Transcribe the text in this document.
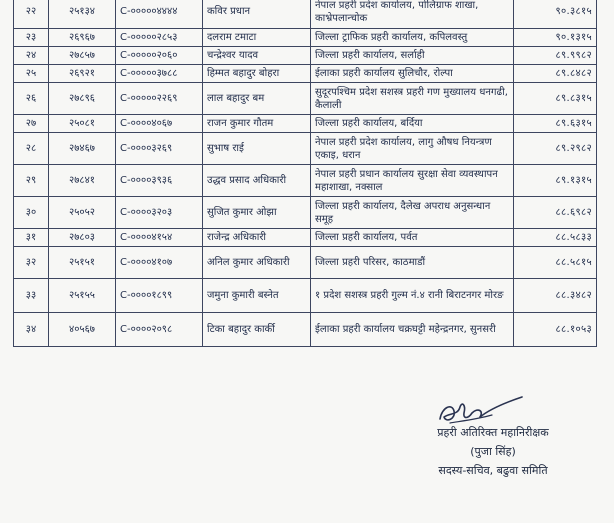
२२	२५१३४	C-०००००४४४४	कविर प्रधान	नेपाल प्रहरी प्रदेश कार्यालय, पोलिग्राफ शाखा, काभ्रेपलान्चोक	९०.३८१५
२३	२६९६७	C-०००००२८५३	दलराम टमाटा	जिल्ला ट्राफिक प्रहरी कार्यालय, कपिलवस्तु	९०.१३१५
२४	२७८५७	C-०००००२०६०	चन्द्रेश्वर यादव	जिल्ला प्रहरी कार्यालय, सर्लाही	८९.९९८२
२५	२६९२१	C-०००००३७८८	हिम्मत बहादुर बोहरा	ईलाका प्रहरी कार्यालय सुलिचौर, रोल्पा	८९.८४८२
२६	२७८९६	C-०००००२२६९	लाल बहादुर बम	सुदूरपश्चिम प्रदेश सशस्त्र प्रहरी गण मुख्यालय धनगढी, कैलाली	८९.८३१५
२७	२५०८१	C-००००४०६७	राजन कुमार गौतम	जिल्ला प्रहरी कार्यालय, बर्दिया	८९.६३१५
२८	२७४६७	C-००००३२६९	सुभाष राई	नेपाल प्रहरी प्रदेश कार्यालय, लागु औषध नियन्त्रण एकाइ, धरान	८९.२९८२
२९	२७८४१	C-००००३९३६	उद्धव प्रसाद अधिकारी	नेपाल प्रहरी प्रधान कार्यालय सुरक्षा सेवा व्यवस्थापन महाशाखा, नक्साल	८९.१३१५
३०	२५०५२	C-००००३२०३	सुजित कुमार ओझा	जिल्ला प्रहरी कार्यालय, दैलेख अपराध अनुसन्धान समूह	८८.६९८२
३१	२७८०३	C-००००४१५४	राजेन्द्र अधिकारी	जिल्ला प्रहरी कार्यालय, पर्वत	८८.५८३३
३२	२५१५१	C-००००४१०७	अनिल कुमार अधिकारी	जिल्ला प्रहरी परिसर, काठमाडौं	८८.५८१५
३३	२५१५५	C-००००१८९९	जमुना कुमारी बस्नेत	१ प्रदेश सशस्त्र प्रहरी गुल्म नं.४ रानी बिराटनगर मोरङ	८८.३४८२
३४	४०५६७	C-००००२०९८	टिका बहादुर कार्की	ईलाका प्रहरी कार्यालय चक्रघट्टी महेन्द्रनगर, सुनसरी	८८.१०५३
प्रहरी अतिरिक्त महानिरीक्षक
(पुजा सिंह)
सदस्य-सचिव, बढुवा समिति
